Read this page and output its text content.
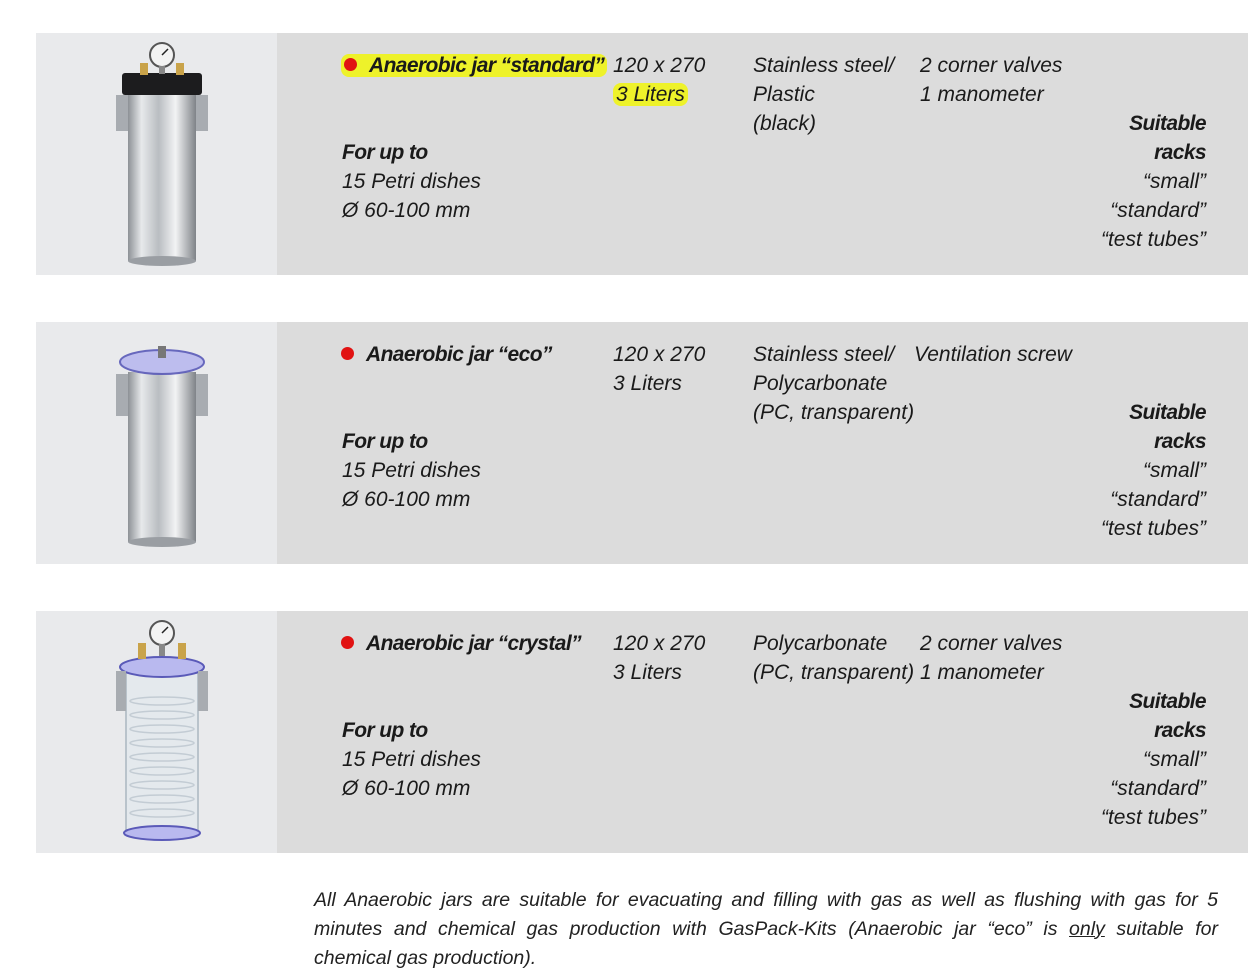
Anaerobic jar “standard” 120 x 270
3 Liters
Stainless steel/
Plastic
(black)
2 corner valves
1 manometer
For up to
15 Petri dishes
Ø 60-100 mm
Suitable
racks
“small”
“standard”
“test tubes”
Anaerobic jar “eco”	120 x 270
3 Liters
Stainless steel/
Polycarbonate
(PC, transparent)
Ventilation screw
For up to
15 Petri dishes
Ø 60-100 mm
Suitable
racks
“small”
“standard”
“test tubes”
Anaerobic jar “crystal” 120 x 270
3 Liters
Polycarbonate
(PC, transparent)
2 corner valves
1 manometer
For up to
15 Petri dishes
Ø 60-100 mm
Suitable
racks
“small”
“standard”
“test tubes”

All Anaerobic jars are suitable for evacuating and filling with gas as well as flushing with gas for 5 minutes and chemical gas production with GasPack-Kits (Anaerobic jar “eco” is only suitable for chemical gas production).
